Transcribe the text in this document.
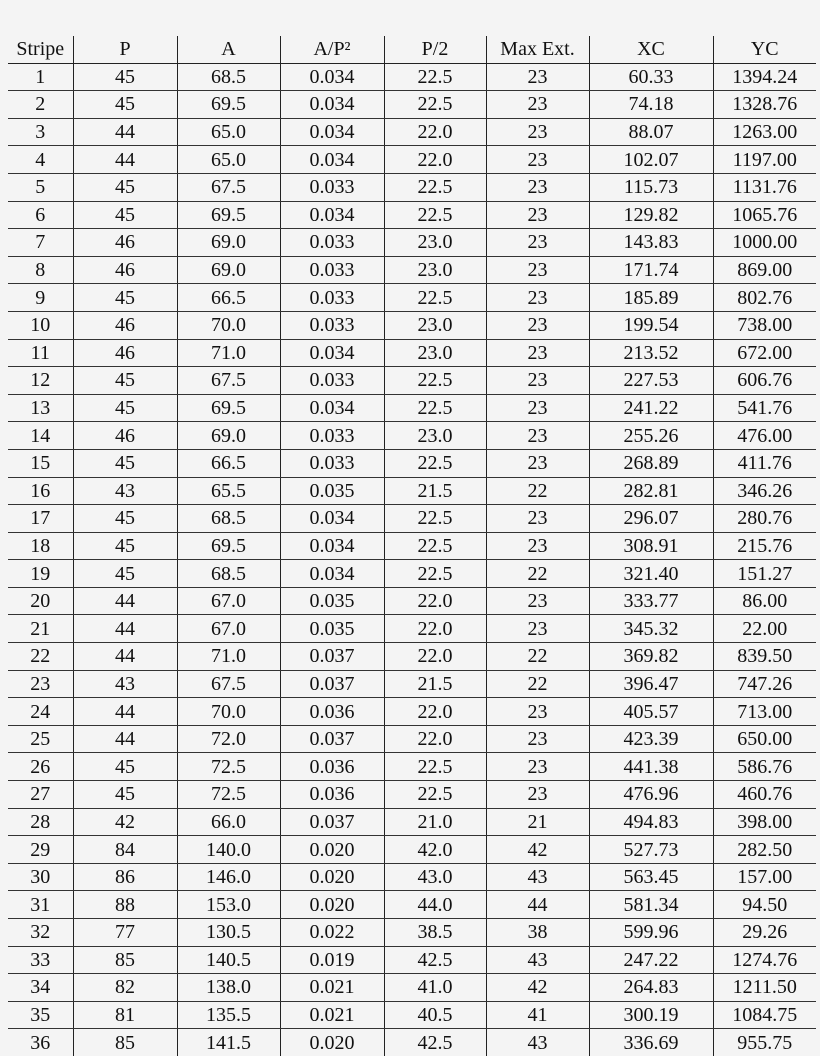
Stripe	P	A	A/P²	P/2	Max Ext.	XC	YC
1	45	68.5	0.034	22.5	23	60.33	1394.24
2	45	69.5	0.034	22.5	23	74.18	1328.76
3	44	65.0	0.034	22.0	23	88.07	1263.00
4	44	65.0	0.034	22.0	23	102.07	1197.00
5	45	67.5	0.033	22.5	23	115.73	1131.76
6	45	69.5	0.034	22.5	23	129.82	1065.76
7	46	69.0	0.033	23.0	23	143.83	1000.00
8	46	69.0	0.033	23.0	23	171.74	869.00
9	45	66.5	0.033	22.5	23	185.89	802.76
10	46	70.0	0.033	23.0	23	199.54	738.00
11	46	71.0	0.034	23.0	23	213.52	672.00
12	45	67.5	0.033	22.5	23	227.53	606.76
13	45	69.5	0.034	22.5	23	241.22	541.76
14	46	69.0	0.033	23.0	23	255.26	476.00
15	45	66.5	0.033	22.5	23	268.89	411.76
16	43	65.5	0.035	21.5	22	282.81	346.26
17	45	68.5	0.034	22.5	23	296.07	280.76
18	45	69.5	0.034	22.5	23	308.91	215.76
19	45	68.5	0.034	22.5	22	321.40	151.27
20	44	67.0	0.035	22.0	23	333.77	86.00
21	44	67.0	0.035	22.0	23	345.32	22.00
22	44	71.0	0.037	22.0	22	369.82	839.50
23	43	67.5	0.037	21.5	22	396.47	747.26
24	44	70.0	0.036	22.0	23	405.57	713.00
25	44	72.0	0.037	22.0	23	423.39	650.00
26	45	72.5	0.036	22.5	23	441.38	586.76
27	45	72.5	0.036	22.5	23	476.96	460.76
28	42	66.0	0.037	21.0	21	494.83	398.00
29	84	140.0	0.020	42.0	42	527.73	282.50
30	86	146.0	0.020	43.0	43	563.45	157.00
31	88	153.0	0.020	44.0	44	581.34	94.50
32	77	130.5	0.022	38.5	38	599.96	29.26
33	85	140.5	0.019	42.5	43	247.22	1274.76
34	82	138.0	0.021	41.0	42	264.83	1211.50
35	81	135.5	0.021	40.5	41	300.19	1084.75
36	85	141.5	0.020	42.5	43	336.69	955.75
